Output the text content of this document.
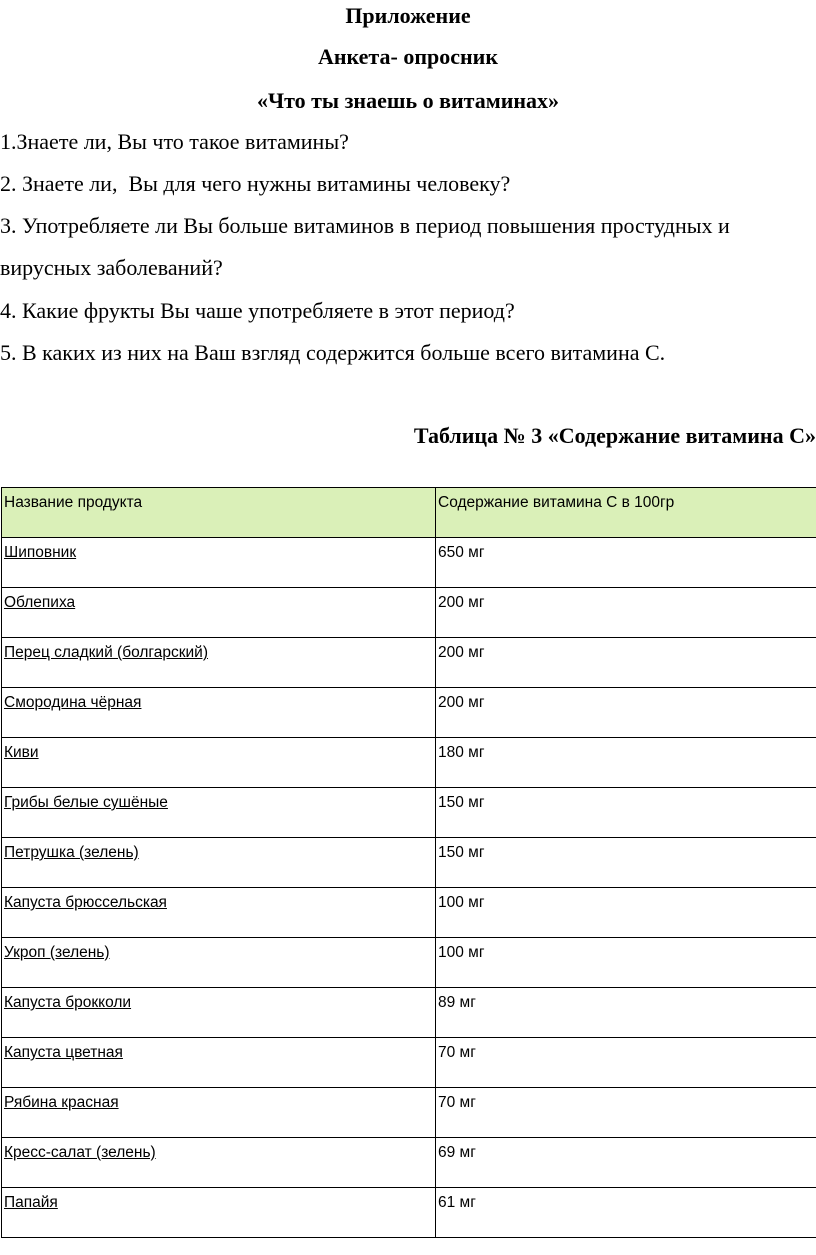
Приложение
Анкета- опросник
«Что ты знаешь о витаминах»
1.Знаете ли, Вы что такое витамины?
2. Знаете ли,  Вы для чего нужны витамины человеку?
3. Употребляете ли Вы больше витаминов в период повышения простудных и
вирусных заболеваний?
4. Какие фрукты Вы чаше употребляете в этот период?
5. В каких из них на Ваш взгляд содержится больше всего витамина С.
Таблица № 3 «Содержание витамина С»
Название продукта	Содержание витамина С в 100гр
Шиповник	650 мг
Облепиха	200 мг
Перец сладкий (болгарский)	200 мг
Смородина чёрная	200 мг
Киви	180 мг
Грибы белые сушёные	150 мг
Петрушка (зелень)	150 мг
Капуста брюссельская	100 мг
Укроп (зелень)	100 мг
Капуста брокколи	89 мг
Капуста цветная	70 мг
Рябина красная	70 мг
Кресс-салат (зелень)	69 мг
Папайя	61 мг
